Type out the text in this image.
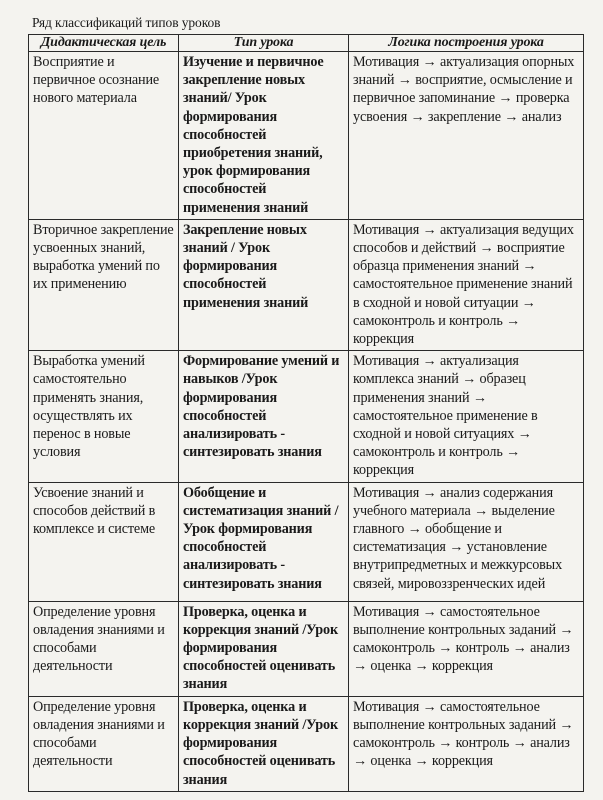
Ряд классификаций типов уроков
Дидактическая цель	Тип урока	Логика построения урока
Восприятие и первичное осознание нового материала	Изучение и первичное закрепление новых знаний/ Урок формирования способностей приобретения знаний, урок формирования способностей применения знаний	Мотивация → актуализация опорных знаний → восприятие, осмысление и первичное запоминание → проверка усвоения → закрепление → анализ
Вторичное закрепление усвоенных знаний, выработка умений по их применению	Закрепление новых знаний / Урок формирования способностей применения знаний	Мотивация → актуализация ведущих способов и действий → восприятие образца применения знаний → самостоятельное применение знаний в сходной и новой ситуации → самоконтроль и контроль → коррекция
Выработка умений самостоятельно применять знания, осуществлять их перенос в новые условия	Формирование умений и навыков /Урок формирования способностей анализировать - синтезировать знания	Мотивация → актуализация комплекса знаний → образец применения знаний → самостоятельное применение в сходной и новой ситуациях → самоконтроль и контроль → коррекция
Усвоение знаний и способов действий в комплексе и системе	Обобщение и систематизация знаний / Урок формирования способностей анализировать - синтезировать знания	Мотивация → анализ содержания учебного материала → выделение главного → обобщение и систематизация → установление внутрипредметных и межкурсовых связей, мировоззренческих идей
Определение уровня овладения знаниями и способами деятельности	Проверка, оценка и коррекция знаний /Урок формирования способностей оценивать знания	Мотивация → самостоятельное выполнение контрольных заданий → самоконтроль → контроль → анализ → оценка → коррекция
Определение уровня овладения знаниями и способами деятельности	Проверка, оценка и коррекция знаний /Урок формирования способностей оценивать знания	Мотивация → самостоятельное выполнение контрольных заданий → самоконтроль → контроль → анализ → оценка → коррекция
